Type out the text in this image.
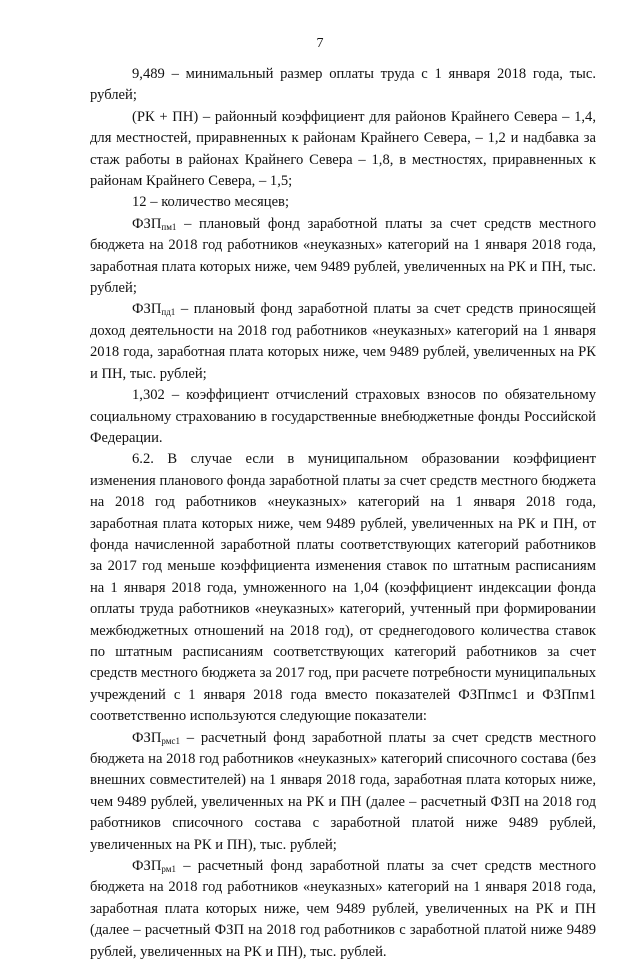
7

9,489 – минимальный размер оплаты труда с 1 января 2018 года, тыс. рублей;

(РК + ПН) – районный коэффициент для районов Крайнего Севера – 1,4, для местностей, приравненных к районам Крайнего Севера, – 1,2 и надбавка за стаж работы в районах Крайнего Севера – 1,8, в местностях, приравненных к районам Крайнего Севера, – 1,5;

12 – количество месяцев;

$ФЗП_{пм1}$ – плановый фонд заработной платы за счет средств местного бюджета на 2018 год работников «неуказных» категорий на 1 января 2018 года, заработная плата которых ниже, чем 9489 рублей, увеличенных на РК и ПН, тыс. рублей;

$ФЗП_{пд1}$ – плановый фонд заработной платы за счет средств приносящей доход деятельности на 2018 год работников «неуказных» категорий на 1 января 2018 года, заработная плата которых ниже, чем 9489 рублей, увеличенных на РК и ПН, тыс. рублей;

1,302 – коэффициент отчислений страховых взносов по обязательному социальному страхованию в государственные внебюджетные фонды Российской Федерации.

6.2. В случае если в муниципальном образовании коэффициент изменения планового фонда заработной платы за счет средств местного бюджета на 2018 год работников «неуказных» категорий на 1 января 2018 года, заработная плата которых ниже, чем 9489 рублей, увеличенных на РК и ПН, от фонда начисленной заработной платы соответствующих категорий работников за 2017 год меньше коэффициента изменения ставок по штатным расписаниям на 1 января 2018 года, умноженного на 1,04 (коэффициент индексации фонда оплаты труда работников «неуказных» категорий, учтенный при формировании межбюджетных отношений на 2018 год), от среднегодового количества ставок по штатным расписаниям соответствующих категорий работников за счет средств местного бюджета за 2017 год, при расчете потребности муниципальных учреждений с 1 января 2018 года вместо показателей ФЗПпмс1 и ФЗПпм1 соответственно используются следующие показатели:

$ФЗП_{рмс1}$ – расчетный фонд заработной платы за счет средств местного бюджета на 2018 год работников «неуказных» категорий списочного состава (без внешних совместителей) на 1 января 2018 года, заработная плата которых ниже, чем 9489 рублей, увеличенных на РК и ПН (далее – расчетный ФЗП на 2018 год работников списочного состава с заработной платой ниже 9489 рублей, увеличенных на РК и ПН), тыс. рублей;

$ФЗП_{рм1}$ – расчетный фонд заработной платы за счет средств местного бюджета на 2018 год работников «неуказных» категорий на 1 января 2018 года, заработная плата которых ниже, чем 9489 рублей, увеличенных на РК и ПН (далее – расчетный ФЗП на 2018 год работников с заработной платой ниже 9489 рублей, увеличенных на РК и ПН), тыс. рублей.
